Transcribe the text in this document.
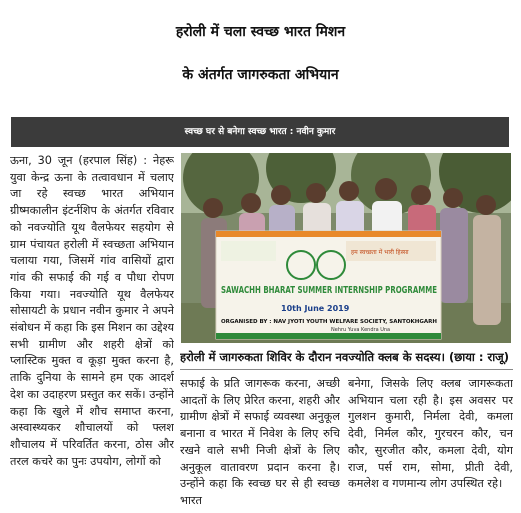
हरोली में चला स्वच्छ भारत मिशन
के अंतर्गत जागरुकता अभियान
स्वच्छ घर से बनेगा स्वच्छ भारत : नवीन कुमार

ऊना, 30 जून (हरपाल सिंह) : नेहरू युवा केन्द्र ऊना के तत्वावधान में चलाए जा रहे स्वच्छ भारत अभियान ग्रीष्मकालीन इंटर्नशिप के अंतर्गत रविवार को नवज्योति यूथ वैलफेयर सहयोग से ग्राम पंचायत हरोली में स्वच्छता अभियान चलाया गया, जिसमें गांव वासियों द्वारा गांव की सफाई की गई व पौधा रोपण किया गया। नवज्योति यूथ वैलफेयर सोसायटी के प्रधान नवीन कुमार ने अपने संबोधन में कहा कि इस मिशन का उद्देश्य सभी ग्रामीण और शहरी क्षेत्रों को प्लास्टिक मुक्त व कूड़ा मुक्त करना है, ताकि दुनिया के सामने हम एक आदर्श देश का उदाहरण प्रस्तुत कर सकें। उन्होंने कहा कि खुले में शौच समाप्त करना, अस्वास्थ्यकर शौचालयों को फ्लश शौचालय में परिवर्तित करना, ठोस और तरल कचरे का पुनः उपयोग, लोगों को

हम स्वच्छता में भारी हिस्सा
SAWACHH BHARAT SUMMER INTERNSHIP PROGRAMME
10th June 2019
ORGANISED BY : NAV JYOTI YOUTH WELFARE SOCIETY, SANTOKHGARH
Nehru Yuva Kendra Una
हरोली में जागरुकता शिविर के दौरान नवज्योति क्लब के सदस्य। (छाया : राजू)

सफाई के प्रति जागरूक करना, अच्छी आदतों के लिए प्रेरित करना, शहरी और ग्रामीण क्षेत्रों में सफाई व्यवस्था अनुकूल बनाना व भारत में निवेश के लिए रुचि रखने वाले सभी निजी क्षेत्रों के लिए अनुकूल वातावरण प्रदान करना है। उन्होंने कहा कि स्वच्छ घर से ही स्वच्छ भारत

बनेगा, जिसके लिए क्लब जागरूकता अभियान चला रही है। इस अवसर पर गुलशन कुमारी, निर्मला देवी, कमला देवी, निर्मल कौर, गुरचरन कौर, चन कौर, सुरजीत कौर, कमला देवी, योग राज, पर्स राम, सोमा, प्रीती देवी, कमलेश व गणमान्य लोग उपस्थित रहे।
